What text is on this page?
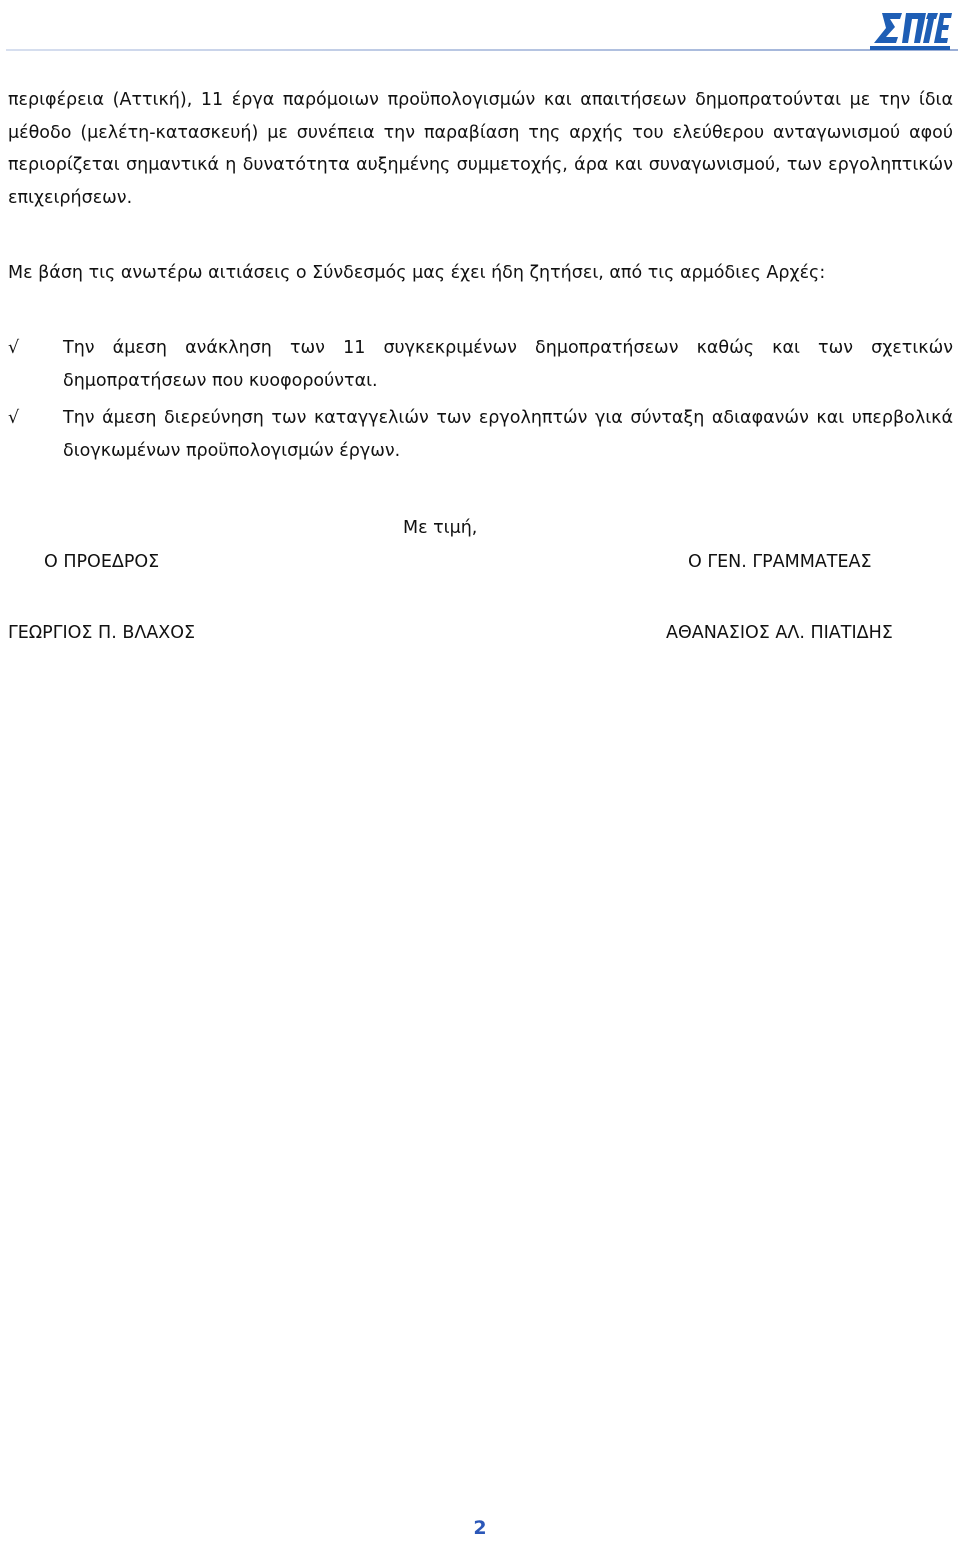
περιφέρεια (Αττική), 11 έργα παρόμοιων προϋπολογισμών και απαιτήσεων δημοπρατούνται με την ίδια μέθοδο (μελέτη-κατασκευή) με συνέπεια την παραβίαση της αρχής του ελεύθερου ανταγωνισμού αφού περιορίζεται σημαντικά η δυνατότητα αυξημένης συμμετοχής, άρα και συναγωνισμού, των εργοληπτικών επιχειρήσεων.

Με βάση τις ανωτέρω αιτιάσεις ο Σύνδεσμός μας έχει ήδη ζητήσει, από τις αρμόδιες Αρχές:

√	Την άμεση ανάκληση των 11 συγκεκριμένων δημοπρατήσεων καθώς και των σχετικών δημοπρατήσεων που κυοφορούνται.
√	Την άμεση διερεύνηση των καταγγελιών των εργοληπτών για σύνταξη αδιαφανών και υπερβολικά διογκωμένων προϋπολογισμών έργων.
Με τιμή,
Ο ΠΡΟΕΔΡΟΣ	Ο ΓΕΝ. ΓΡΑΜΜΑΤΕΑΣ
ΓΕΩΡΓΙΟΣ Π. ΒΛΑΧΟΣ	ΑΘΑΝΑΣΙΟΣ ΑΛ. ΠΙΑΤΙΔΗΣ
2
